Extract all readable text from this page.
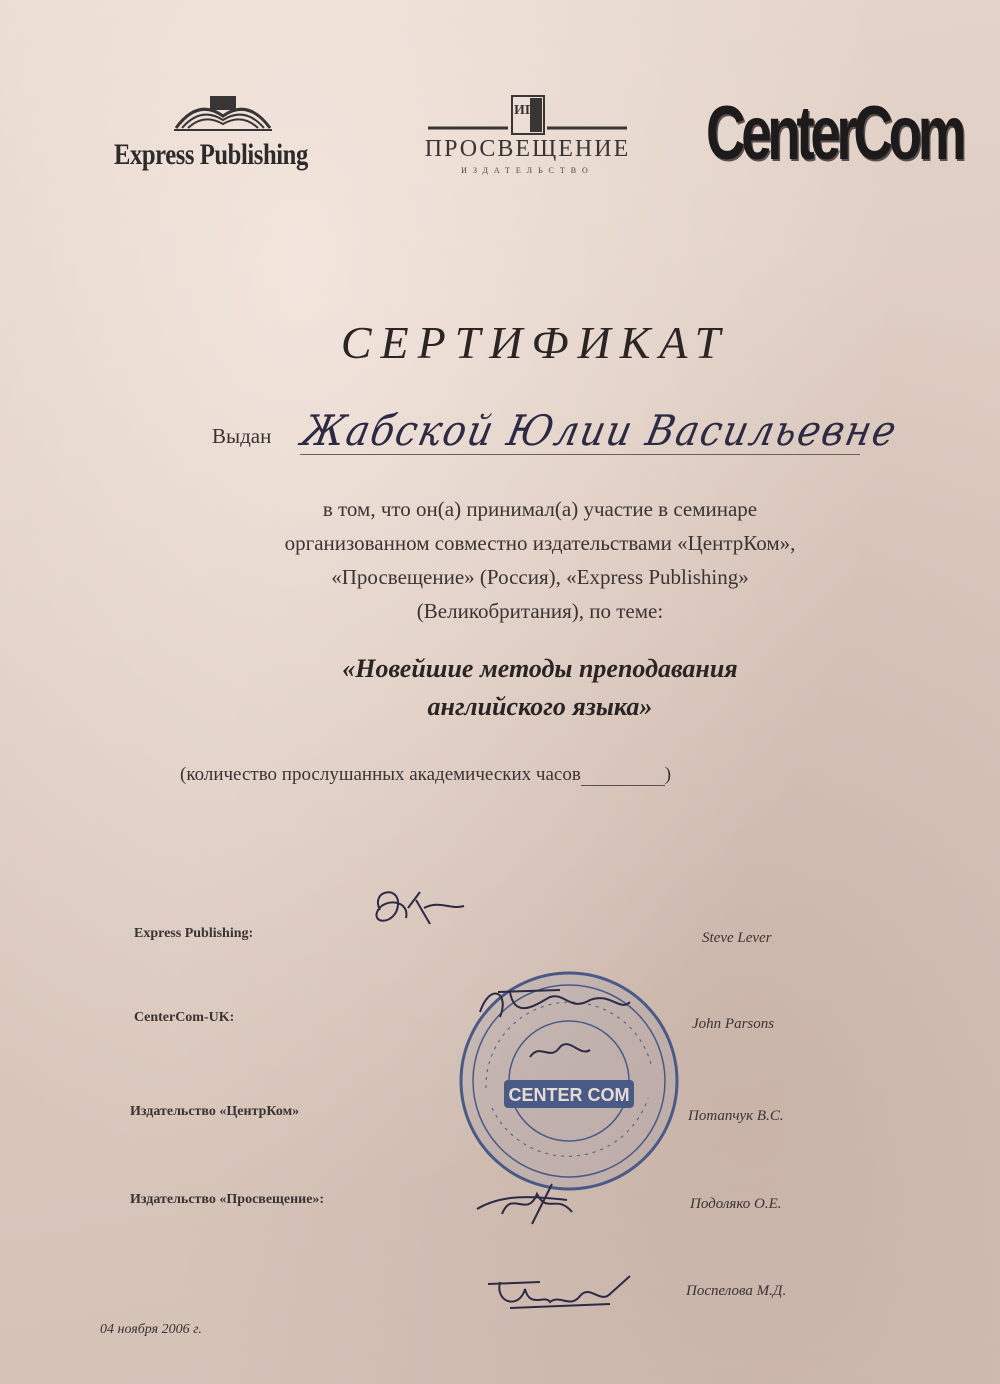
Express Publishing
ИП
ПРОСВЕЩЕНИЕ
ИЗДАТЕЛЬСТВО	CenterCom
СЕРТИФИКАТ
Выдан Жабской Юлии Васильевне
в том, что он(а) принимал(а) участие в семинаре
организованном совместно издательствами «ЦентрКом»,
«Просвещение» (Россия), «Express Publishing»
(Великобритания), по теме:
«Новейшие методы преподавания
английского языка»
(количество прослушанных академических часов	)
Express Publishing:	Steve Lever
CenterCom-UK:	John Parsons
Издательство «ЦентрКом»	Потапчук В.С.
Издательство «Просвещение»:	Подоляко О.Е.
Поспелова М.Д.
CENTER COM
04 ноября 2006 г.
